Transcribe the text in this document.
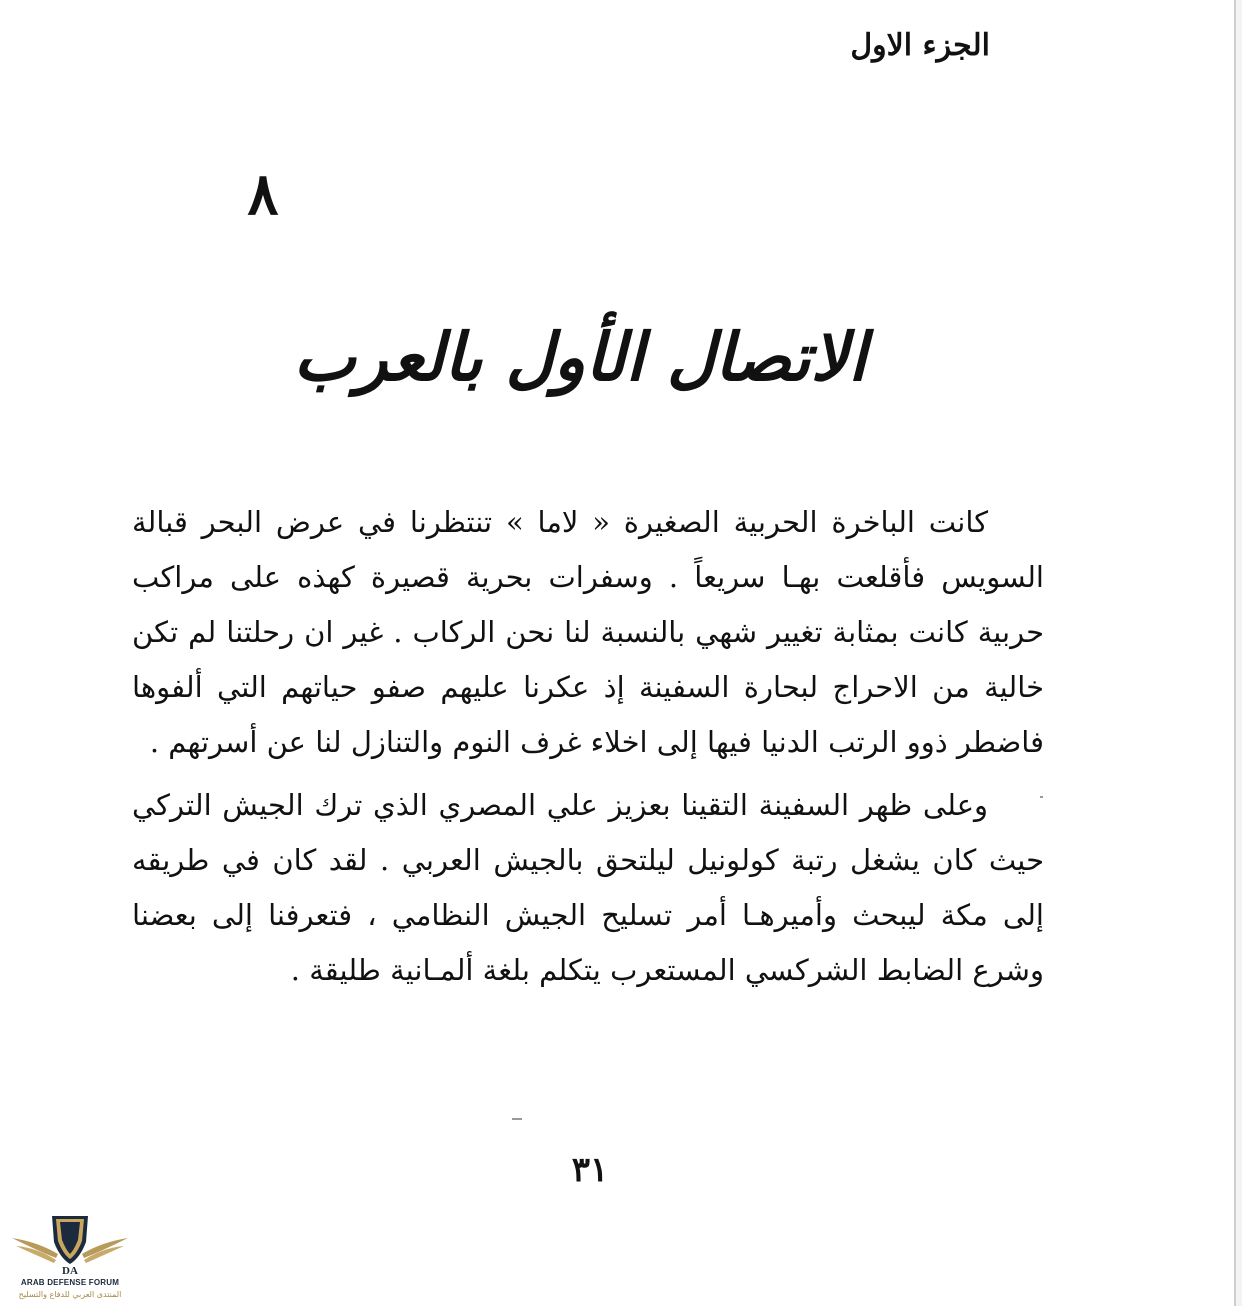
الجزء الاول
٨
الاتصال الأول بالعرب

كانت الباخرة الحربية الصغيرة « لاما » تنتظرنا في عرض البحر قبالة السويس فأقلعت بهـا سريعاً . وسفرات بحرية قصيرة كهذه على مراكب حربية كانت بمثابة تغيير شهي بالنسبة لنا نحن الركاب . غير ان رحلتنا لم تكن خالية من الاحراج لبحارة السفينة إذ عكرنا عليهم صفو حياتهم التي ألفوها فاضطر ذوو الرتب الدنيا فيها إلى اخلاء غرف النوم والتنازل لنا عن أسرتهم .

وعلى ظهر السفينة التقينا بعزيز علي المصري الذي ترك الجيش التركي حيث كان يشغل رتبة كولونيل ليلتحق بالجيش العربي . لقد كان في طريقه إلى مكة ليبحث وأميرهـا أمر تسليح الجيش النظامي ، فتعرفنا إلى بعضنا وشرع الضابط الشركسي المستعرب يتكلم بلغة ألمـانية طليقة .

٣١
DA
ARAB DEFENSE FORUM
المنتدى العربي للدفاع والتسليح
